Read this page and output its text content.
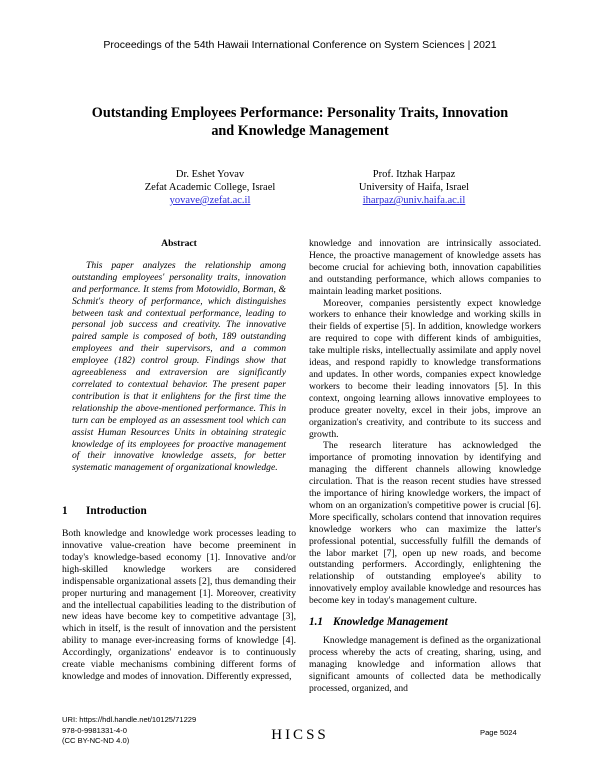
Proceedings of the 54th Hawaii International Conference on System Sciences | 2021
Outstanding Employees Performance: Personality Traits, Innovation and Knowledge Management
Dr. Eshet Yovav
Zefat Academic College, Israel
yovave@zefat.ac.il
Prof. Itzhak Harpaz
University of Haifa, Israel
iharpaz@univ.haifa.ac.il
Abstract
This paper analyzes the relationship among outstanding employees' personality traits, innovation and performance. It stems from Motowidlo, Borman, & Schmit's theory of performance, which distinguishes between task and contextual performance, leading to personal job success and creativity. The innovative paired sample is composed of both, 189 outstanding employees and their supervisors, and a common employee (182) control group. Findings show that agreeableness and extraversion are significantly correlated to contextual behavior. The present paper contribution is that it enlightens for the first time the relationship the above-mentioned performance. This in turn can be employed as an assessment tool which can assist Human Resources Units in obtaining strategic knowledge of its employees for proactive management of their innovative knowledge assets, for better systematic management of organizational knowledge.
1 Introduction

Both knowledge and knowledge work processes leading to innovative value-creation have become preeminent in today's knowledge-based economy [1]. Innovative and/or high-skilled knowledge workers are considered indispensable organizational assets [2], thus demanding their proper nurturing and management [1]. Moreover, creativity and the intellectual capabilities leading to the distribution of new ideas have become key to competitive advantage [3], which in itself, is the result of innovation and the persistent ability to manage ever-increasing forms of knowledge [4]. Accordingly, organizations' endeavor is to continuously create viable mechanisms combining different forms of knowledge and modes of innovation. Differently expressed,

knowledge and innovation are intrinsically associated. Hence, the proactive management of knowledge assets has become crucial for achieving both, innovation capabilities and outstanding performance, which allows companies to maintain leading market positions.

Moreover, companies persistently expect knowledge workers to enhance their knowledge and working skills in their fields of expertise [5]. In addition, knowledge workers are required to cope with different kinds of ambiguities, take multiple risks, intellectually assimilate and apply novel ideas, and respond rapidly to knowledge transformations and updates. In other words, companies expect knowledge workers to become their leading innovators [5]. In this context, ongoing learning allows innovative employees to produce greater novelty, excel in their jobs, improve an organization's creativity, and contribute to its success and growth.

The research literature has acknowledged the importance of promoting innovation by identifying and managing the different channels allowing knowledge circulation. That is the reason recent studies have stressed the importance of hiring knowledge workers, the impact of whom on an organization's competitive power is crucial [6]. More specifically, scholars contend that innovation requires knowledge workers who can maximize the latter's professional potential, successfully fulfill the demands of the labor market [7], open up new roads, and become outstanding performers. Accordingly, enlightening the relationship of outstanding employee's ability to innovatively employ available knowledge and resources has become key in today's management culture.

1.1 Knowledge Management

Knowledge management is defined as the organizational process whereby the acts of creating, sharing, using, and managing knowledge and information allows that significant amounts of collected data be methodically processed, organized, and

URI: https://hdl.handle.net/10125/71229
978-0-9981331-4-0
(CC BY-NC-ND 4.0)	HICSS	Page 5024
